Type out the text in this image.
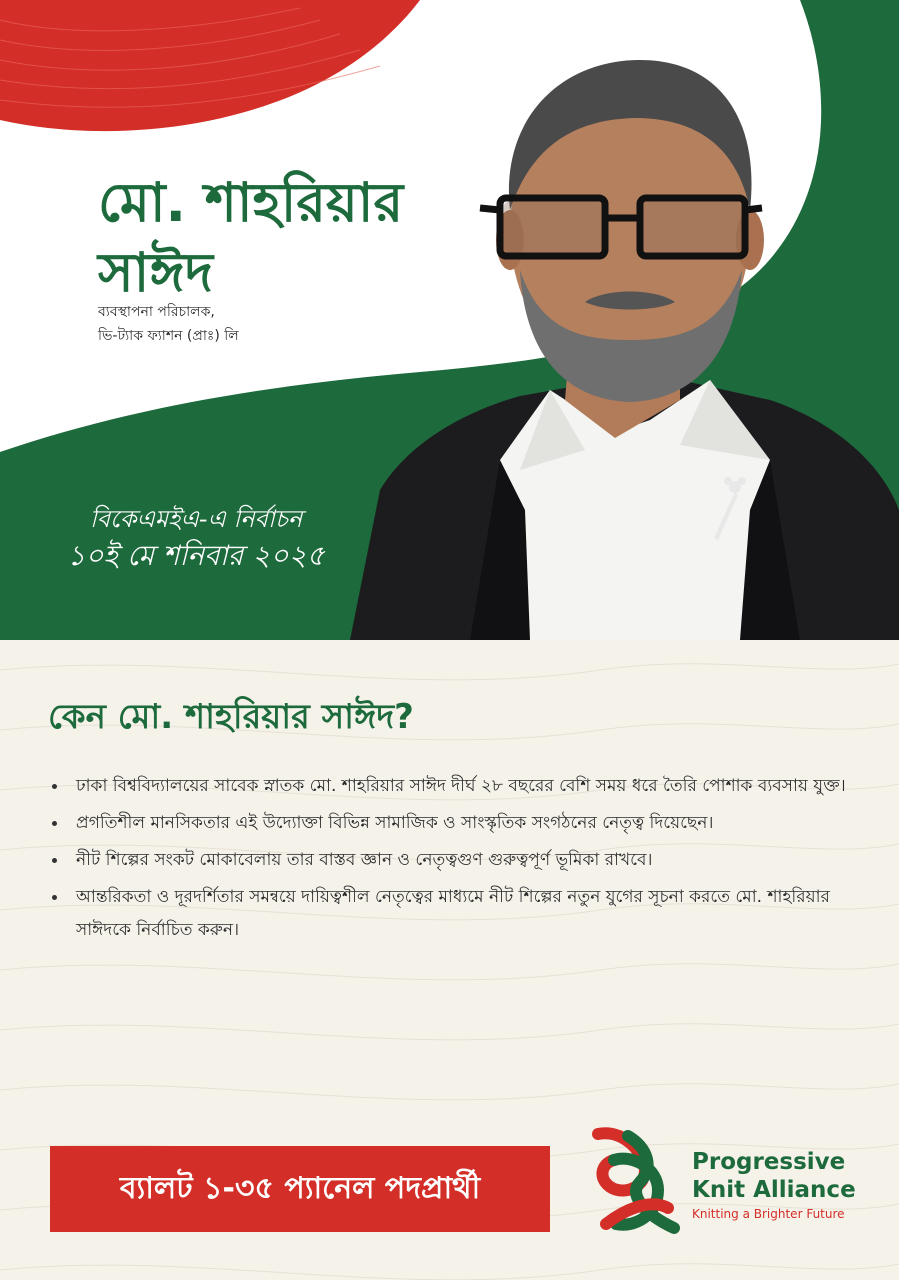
মো. শাহরিয়ার
সাঈদ
ব্যবস্থাপনা পরিচালক,
ভি-ট্যাক ফ্যাশন (প্রাঃ) লি
বিকেএমইএ-এ নির্বাচন
১০ই মে শনিবার ২০২৫
কেন মো. শাহরিয়ার সাঈদ?
ঢাকা বিশ্ববিদ্যালয়ের সাবেক স্নাতক মো. শাহরিয়ার সাঈদ দীর্ঘ ২৮ বছরের বেশি সময় ধরে তৈরি পোশাক ব্যবসায় যুক্ত।
প্রগতিশীল মানসিকতার এই উদ্যোক্তা বিভিন্ন সামাজিক ও সাংস্কৃতিক সংগঠনের নেতৃত্ব দিয়েছেন।
নীট শিল্পের সংকট মোকাবেলায় তার বাস্তব জ্ঞান ও নেতৃত্বগুণ গুরুত্বপূর্ণ ভূমিকা রাখবে।
আন্তরিকতা ও দূরদর্শিতার সমন্বয়ে দায়িত্বশীল নেতৃত্বের মাধ্যমে নীট শিল্পের নতুন যুগের সূচনা করতে মো. শাহরিয়ার সাঈদকে নির্বাচিত করুন।
ব্যালট ১-৩৫ প্যানেল পদপ্রার্থী
Progressive
Knit Alliance
Knitting a Brighter Future
